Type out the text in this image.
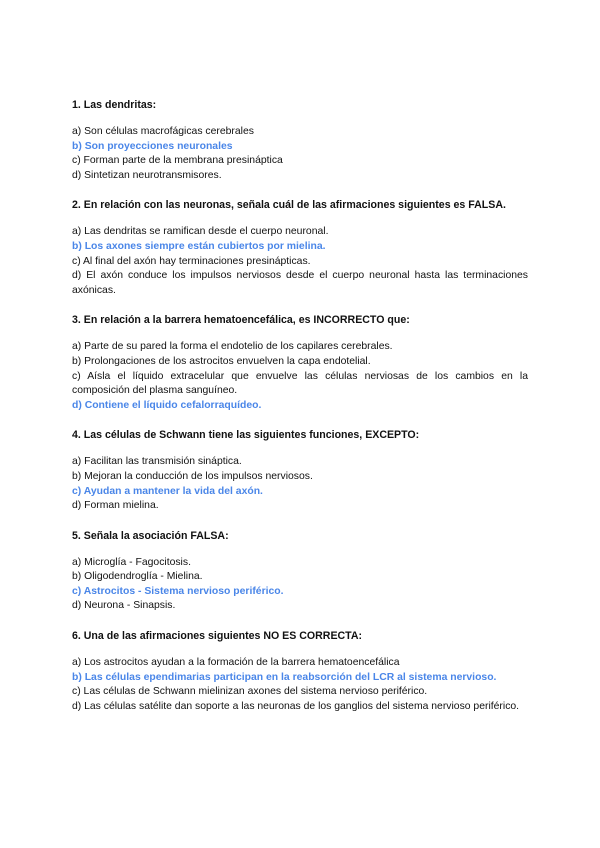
1. Las dendritas:

a) Son células macrofágicas cerebrales

b) Son proyecciones neuronales

c) Forman parte de la membrana presináptica

d) Sintetizan neurotransmisores.

2. En relación con las neuronas, señala cuál de las afirmaciones siguientes es FALSA.

a) Las dendritas se ramifican desde el cuerpo neuronal.

b) Los axones siempre están cubiertos por mielina.

c) Al final del axón hay terminaciones presinápticas.

d) El axón conduce los impulsos nerviosos desde el cuerpo neuronal hasta las terminaciones axónicas.

3. En relación a la barrera hematoencefálica, es INCORRECTO que:

a) Parte de su pared la forma el endotelio de los capilares cerebrales.

b) Prolongaciones de los astrocitos envuelven la capa endotelial.

c) Aísla el líquido extracelular que envuelve las células nerviosas de los cambios en la composición del plasma sanguíneo.

d) Contiene el líquido cefalorraquídeo.

4. Las células de Schwann tiene las siguientes funciones, EXCEPTO:

a) Facilitan las transmisión sináptica.

b) Mejoran la conducción de los impulsos nerviosos.

c) Ayudan a mantener la vida del axón.

d) Forman mielina.

5. Señala la asociación FALSA:

a) Microglía - Fagocitosis.

b) Oligodendroglía - Mielina.

c) Astrocitos - Sistema nervioso periférico.

d) Neurona - Sinapsis.

6. Una de las afirmaciones siguientes NO ES CORRECTA:

a) Los astrocitos ayudan a la formación de la barrera hematoencefálica

b) Las células ependimarias participan en la reabsorción del LCR al sistema nervioso.

c) Las células de Schwann mielinizan axones del sistema nervioso periférico.

d) Las células satélite dan soporte a las neuronas de los ganglios del sistema nervioso periférico.
